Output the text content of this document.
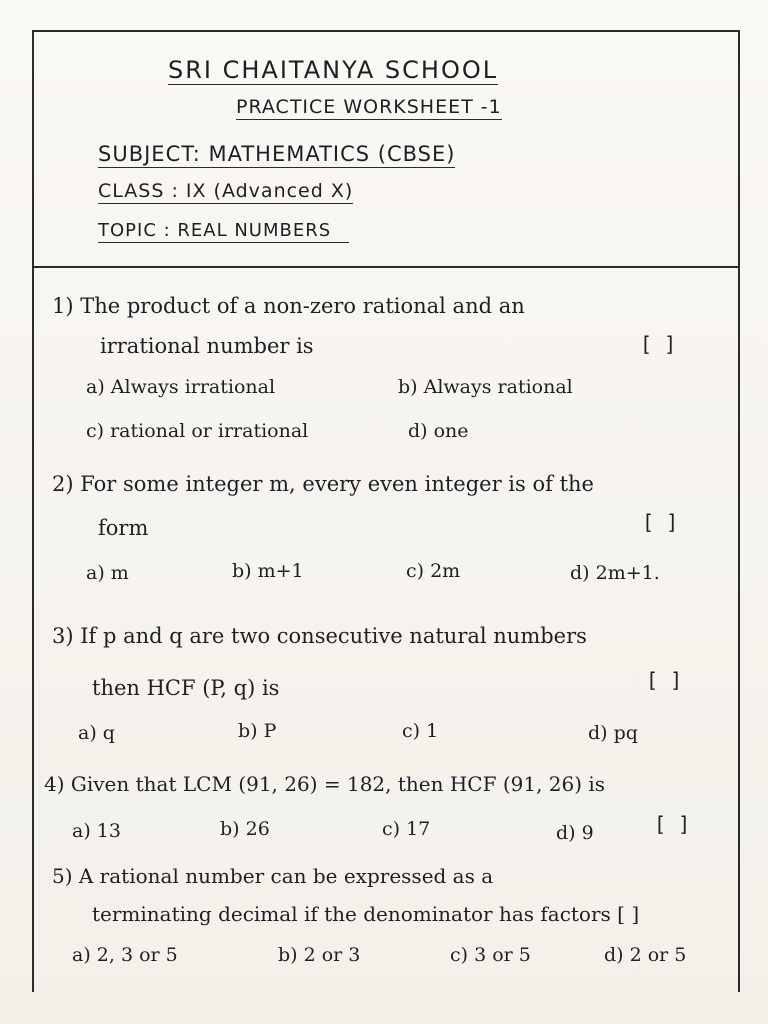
SRI CHAITANYA SCHOOL
PRACTICE WORKSHEET -1
SUBJECT: MATHEMATICS (CBSE)
CLASS : IX (Advanced X)
TOPIC : REAL NUMBERS
1) The product of a non-zero rational and an
irrational number is	[ ]
a) Always irrational	b) Always rational
c) rational or irrational	d) one
2) For some integer m, every even integer is of the
form	[ ]
a) m	b) m+1	c) 2m	d) 2m+1.
3) If p and q are two consecutive natural numbers
then HCF (P, q) is	[ ]
a) q	b) P	c) 1	d) pq
4) Given that LCM (91, 26) = 182, then HCF (91, 26) is
[ ]
a) 13	b) 26	c) 17	d) 9
5) A rational number can be expressed as a
terminating decimal if the denominator has factors [ ]
a) 2, 3 or 5	b) 2 or 3	c) 3 or 5	d) 2 or 5
